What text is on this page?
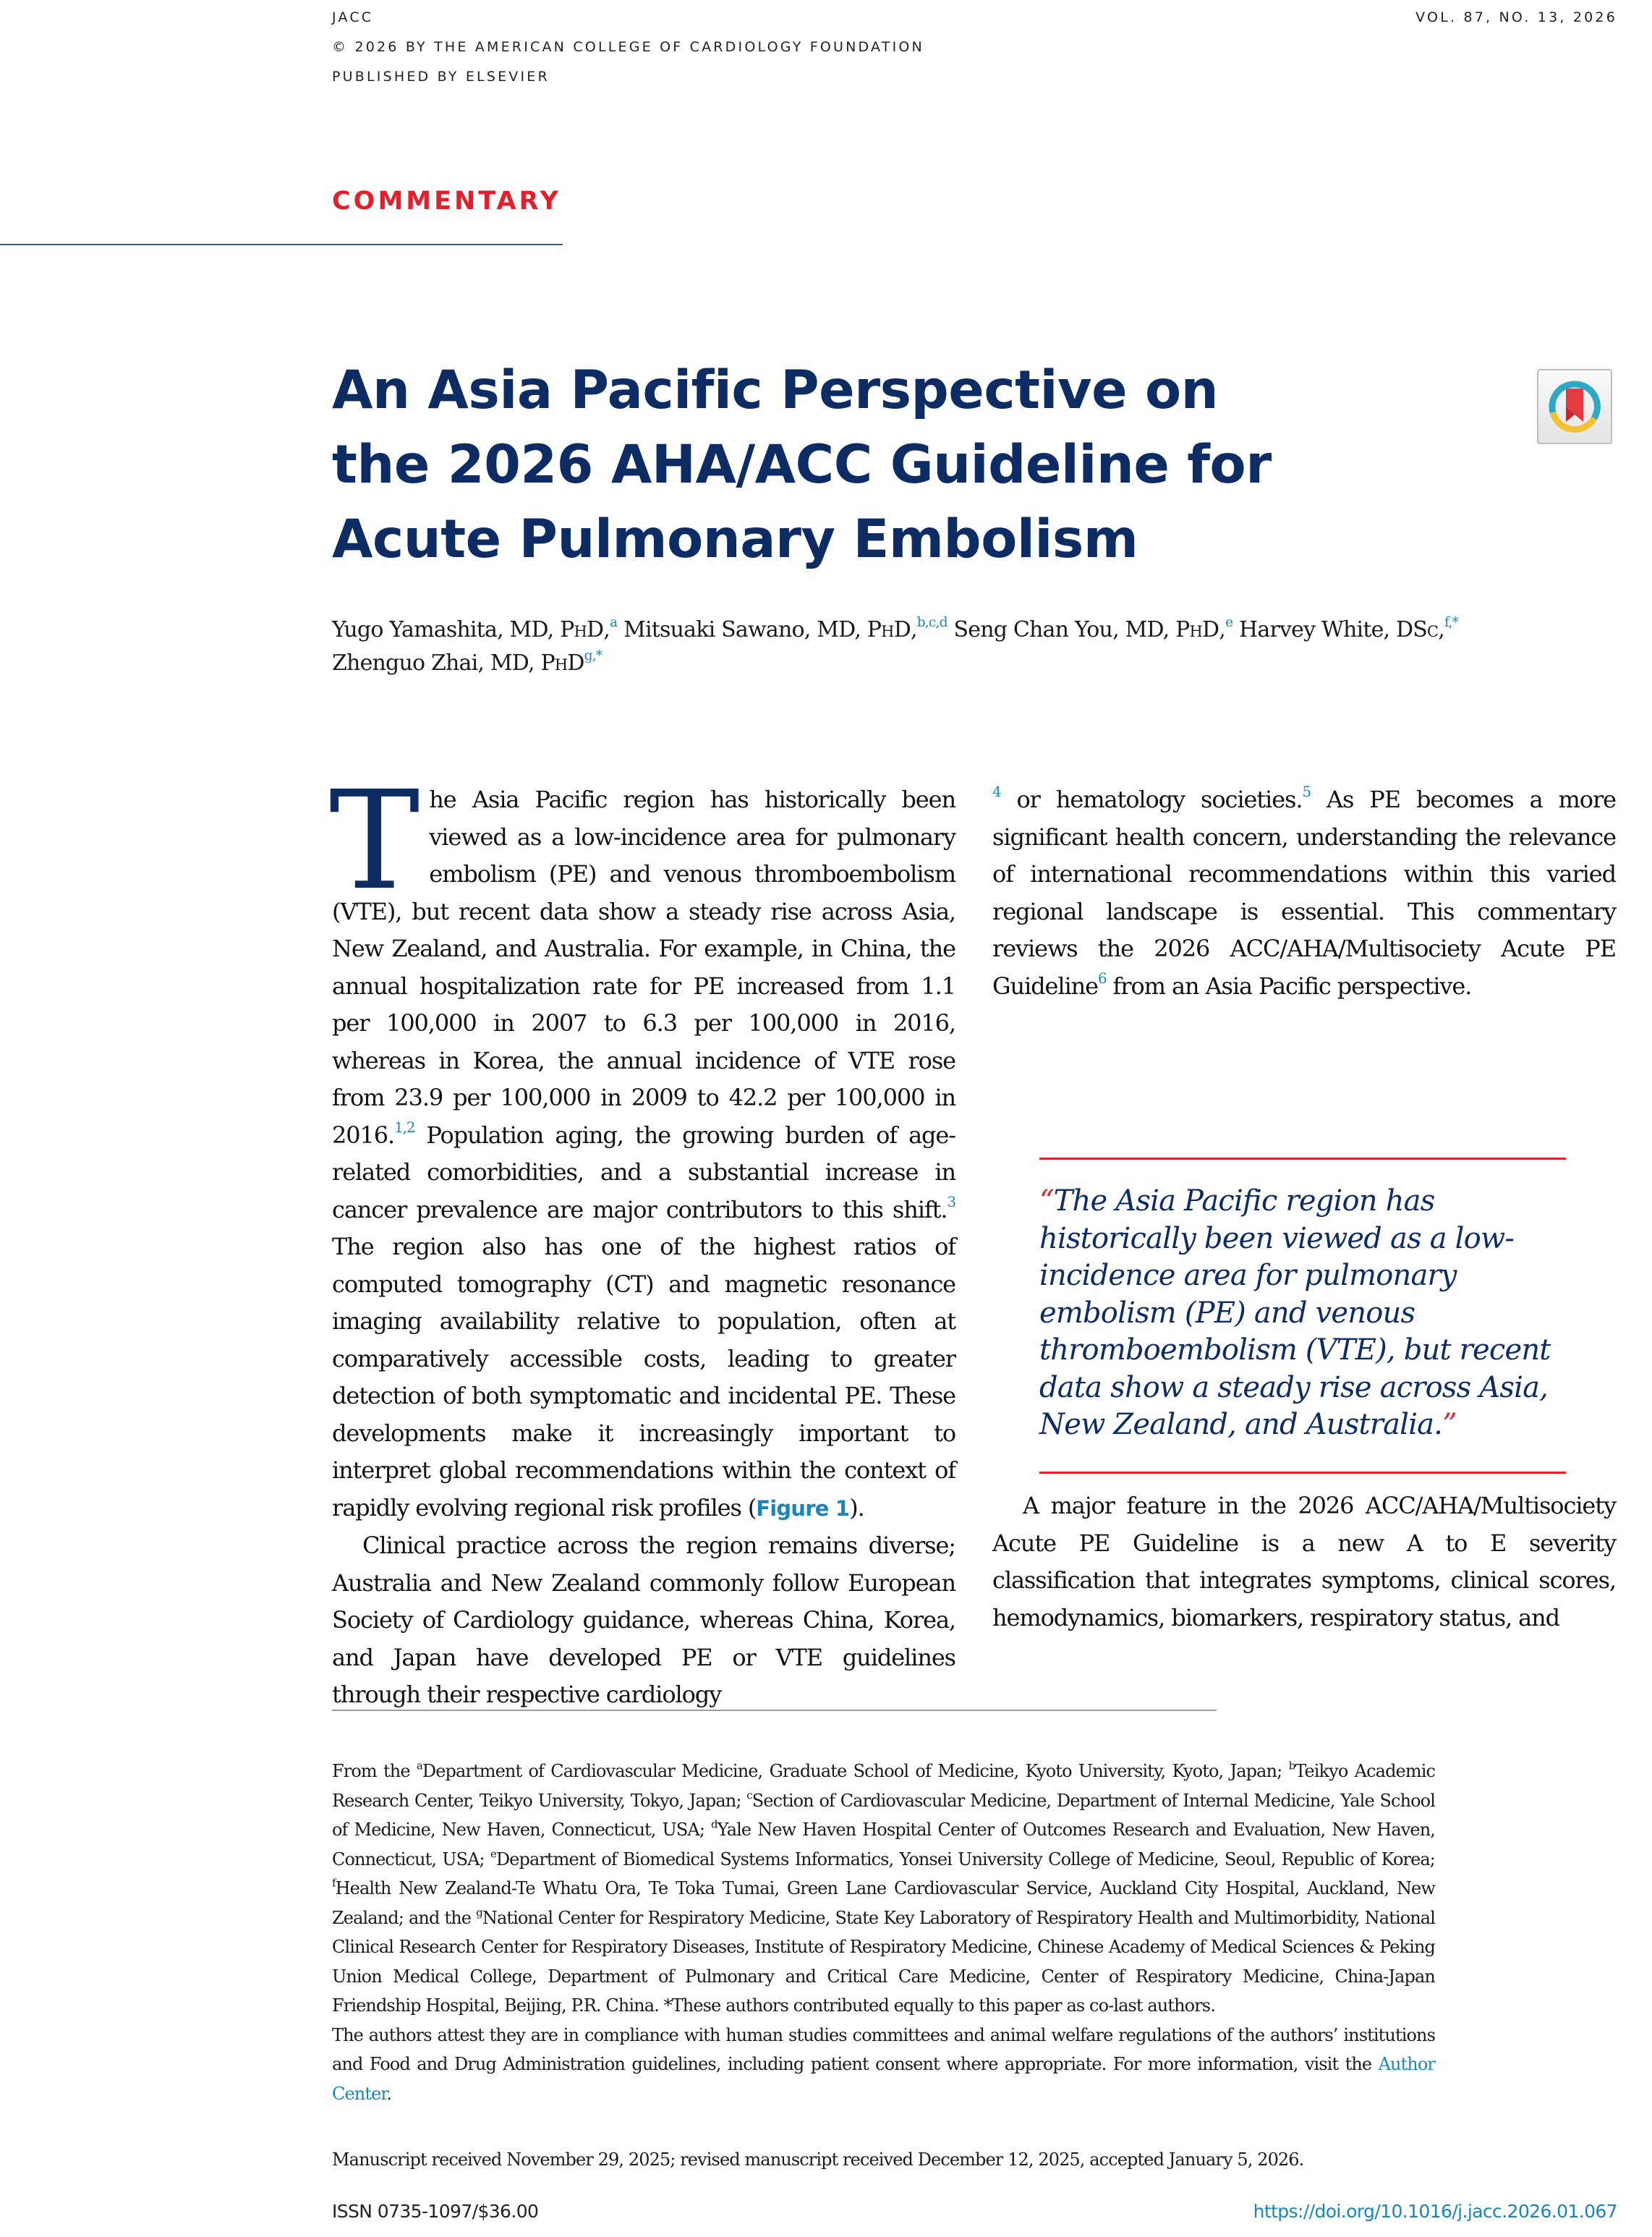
JACC
© 2026 BY THE AMERICAN COLLEGE OF CARDIOLOGY FOUNDATION
PUBLISHED BY ELSEVIER
VOL. 87, NO. 13, 2026
COMMENTARY
An Asia Pacific Perspective on
the 2026 AHA/ACC Guideline for
Acute Pulmonary Embolism
Yugo Yamashita, MD, PhD,$^a$ Mitsuaki Sawano, MD, PhD,$^{b,c,d}$ Seng Chan You, MD, PhD,$^e$ Harvey White, DSc,$^{f,*}$
Zhenguo Zhai, MD, PhD$^{g,*}$

The Asia Pacific region has historically been viewed as a low-incidence area for pulmonary embolism (PE) and venous thromboembolism (VTE), but recent data show a steady rise across Asia, New Zealand, and Australia. For example, in China, the annual hospitalization rate for PE increased from 1.1 per 100,000 in 2007 to 6.3 per 100,000 in 2016, whereas in Korea, the annual incidence of VTE rose from 23.9 per 100,000 in 2009 to 42.2 per 100,000 in 2016.$^{1,2}$ Population aging, the growing burden of age-related comorbidities, and a substantial increase in cancer prevalence are major contributors to this shift.$^3$ The region also has one of the highest ratios of computed tomography (CT) and magnetic resonance imaging availability relative to population, often at comparatively accessible costs, leading to greater detection of both symptomatic and incidental PE. These developments make it increasingly important to interpret global recommendations within the context of rapidly evolving regional risk profiles (Figure 1).

Clinical practice across the region remains diverse; Australia and New Zealand commonly follow European Society of Cardiology guidance, whereas China, Korea, and Japan have developed PE or VTE guidelines through their respective cardiology

$^4$ or hematology societies.$^5$ As PE becomes a more significant health concern, understanding the relevance of international recommendations within this varied regional landscape is essential. This commentary reviews the 2026 ACC/AHA/Multisociety Acute PE Guideline$^6$ from an Asia Pacific perspective.

“The Asia Pacific region has historically been viewed as a low-incidence area for pulmonary embolism (PE) and venous thromboembolism (VTE), but recent data show a steady rise across Asia, New Zealand, and Australia.”

A major feature in the 2026 ACC/AHA/Multisociety Acute PE Guideline is a new A to E severity classification that integrates symptoms, clinical scores, hemodynamics, biomarkers, respiratory status, and

From the $^a$Department of Cardiovascular Medicine, Graduate School of Medicine, Kyoto University, Kyoto, Japan; $^b$Teikyo Academic Research Center, Teikyo University, Tokyo, Japan; $^c$Section of Cardiovascular Medicine, Department of Internal Medicine, Yale School of Medicine, New Haven, Connecticut, USA; $^d$Yale New Haven Hospital Center of Outcomes Research and Evaluation, New Haven, Connecticut, USA; $^e$Department of Biomedical Systems Informatics, Yonsei University College of Medicine, Seoul, Republic of Korea; $^f$Health New Zealand-Te Whatu Ora, Te Toka Tumai, Green Lane Cardiovascular Service, Auckland City Hospital, Auckland, New Zealand; and the $^g$National Center for Respiratory Medicine, State Key Laboratory of Respiratory Health and Multimorbidity, National Clinical Research Center for Respiratory Diseases, Institute of Respiratory Medicine, Chinese Academy of Medical Sciences & Peking Union Medical College, Department of Pulmonary and Critical Care Medicine, Center of Respiratory Medicine, China-Japan Friendship Hospital, Beijing, P.R. China. *These authors contributed equally to this paper as co-last authors.

The authors attest they are in compliance with human studies committees and animal welfare regulations of the authors’ institutions and Food and Drug Administration guidelines, including patient consent where appropriate. For more information, visit the Author Center.

Manuscript received November 29, 2025; revised manuscript received December 12, 2025, accepted January 5, 2026.
ISSN 0735-1097/$36.00	https://doi.org/10.1016/j.jacc.2026.01.067
